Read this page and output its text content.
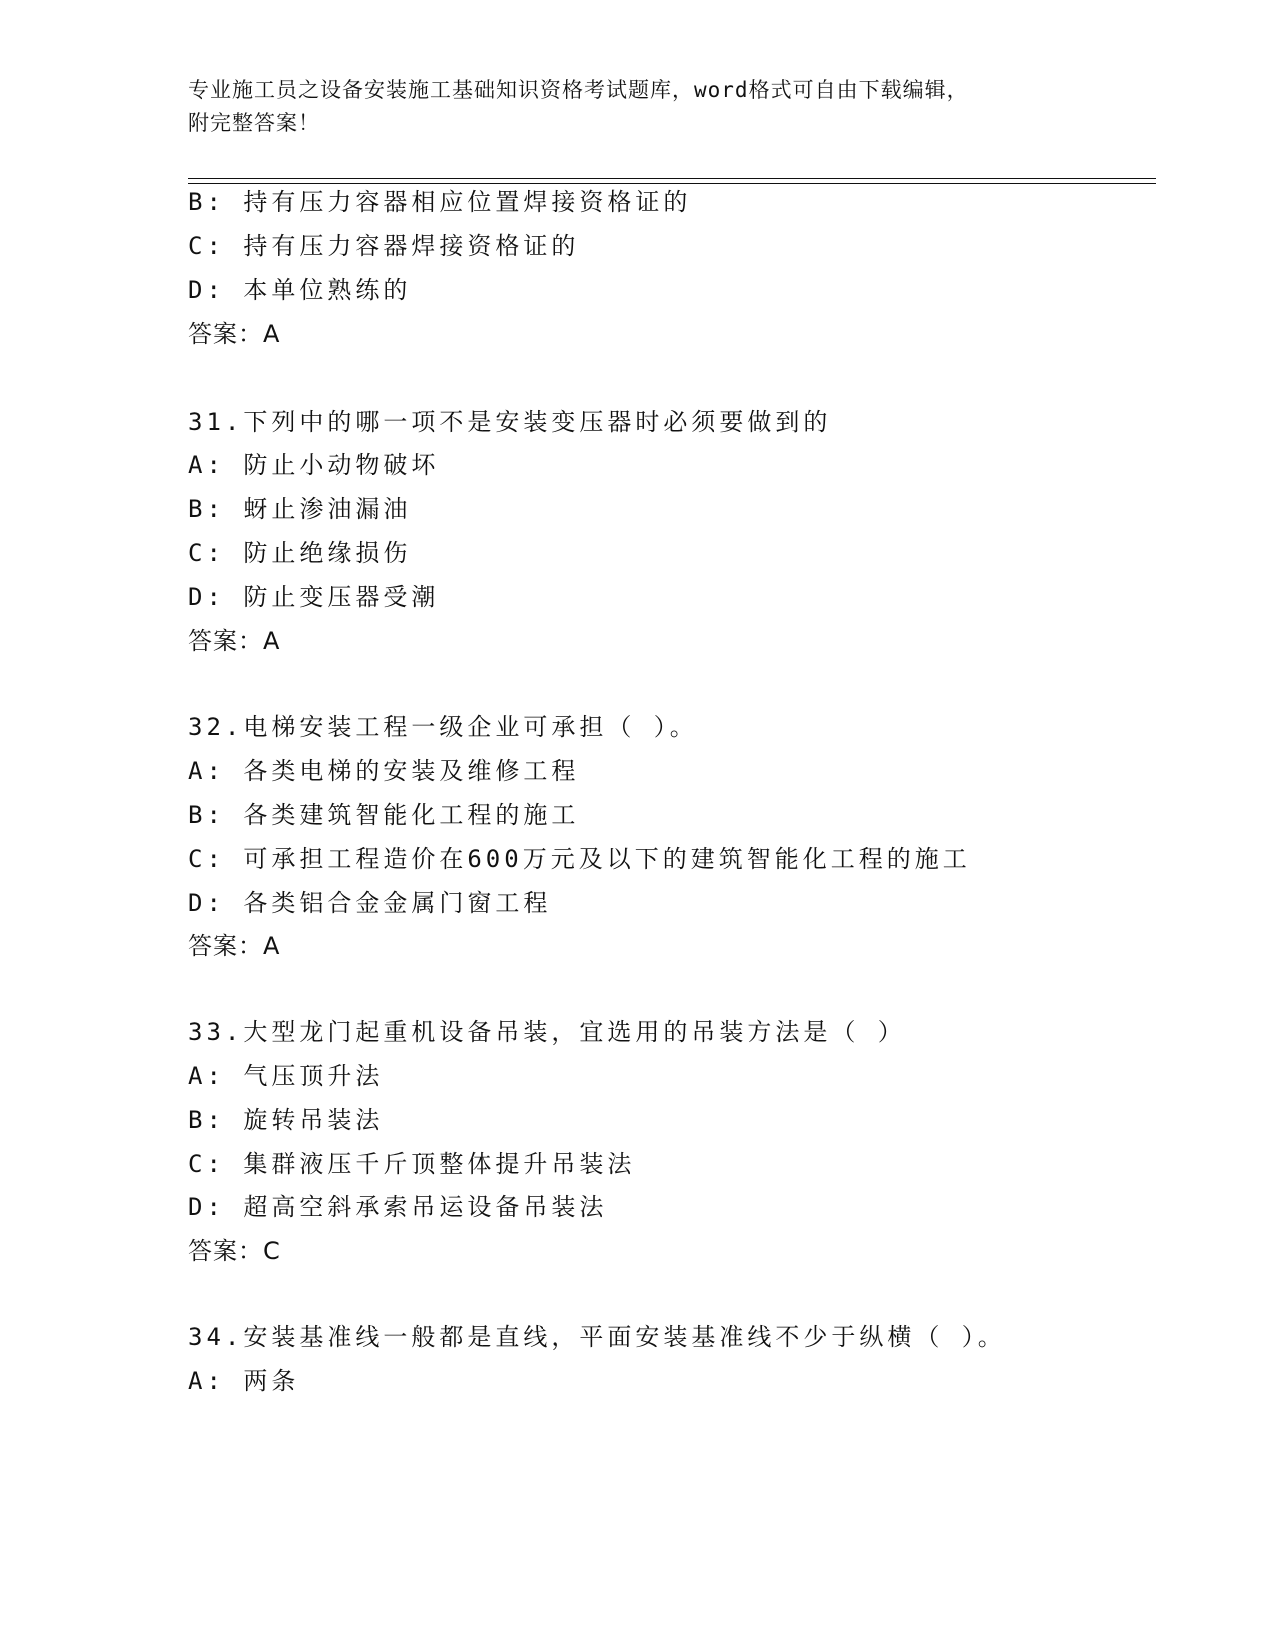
专业施工员之设备安装施工基础知识资格考试题库，word格式可自由下载编辑，
附完整答案！
B: 持有压力容器相应位置焊接资格证的
C: 持有压力容器焊接资格证的
D: 本单位熟练的
答案：A
31.下列中的哪一项不是安装变压器时必须要做到的
A: 防止小动物破坏
B: 蚜止渗油漏油
C: 防止绝缘损伤
D: 防止变压器受潮
答案：A
32.电梯安装工程一级企业可承担（ ）。
A: 各类电梯的安装及维修工程
B: 各类建筑智能化工程的施工
C: 可承担工程造价在600万元及以下的建筑智能化工程的施工
D: 各类铝合金金属门窗工程
答案：A
33.大型龙门起重机设备吊装，宜选用的吊装方法是（ ）
A: 气压顶升法
B: 旋转吊装法
C: 集群液压千斤顶整体提升吊装法
D: 超高空斜承索吊运设备吊装法
答案：C
34.安装基准线一般都是直线，平面安装基准线不少于纵横（ ）。
A: 两条
